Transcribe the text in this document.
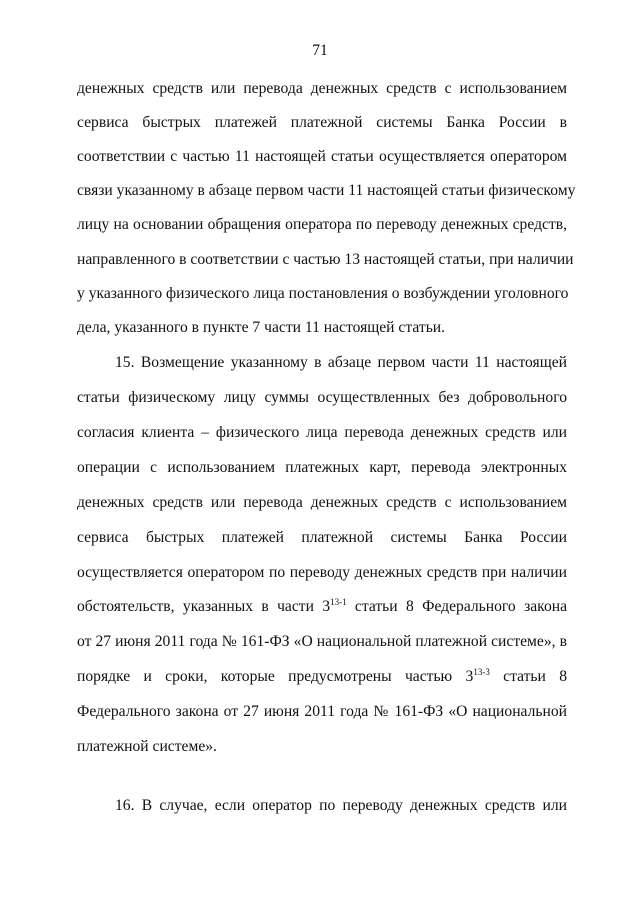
71
денежных средств или перевода денежных средств с использованием
сервиса быстрых платежей платежной системы Банка России в
соответствии с частью 11 настоящей статьи осуществляется оператором
связи указанному в абзаце первом части 11 настоящей статьи физическому
лицу на основании обращения оператора по переводу денежных средств,
направленного в соответствии с частью 13 настоящей статьи, при наличии
у указанного физического лица постановления о возбуждении уголовного
дела, указанного в пункте 7 части 11 настоящей статьи.
15. Возмещение указанному в абзаце первом части 11 настоящей
статьи физическому лицу суммы осуществленных без добровольного
согласия клиента – физического лица перевода денежных средств или
операции с использованием платежных карт, перевода электронных
денежных средств или перевода денежных средств с использованием
сервиса быстрых платежей платежной системы Банка России
осуществляется оператором по переводу денежных средств при наличии
обстоятельств, указанных в части 3$^{13-1}$ статьи 8 Федерального закона
от 27 июня 2011 года № 161-ФЗ «О национальной платежной системе», в
порядке и сроки, которые предусмотрены частью 3$^{13-3}$ статьи 8
Федерального закона от 27 июня 2011 года № 161-ФЗ «О национальной
платежной системе».
16. В случае, если оператор по переводу денежных средств или
